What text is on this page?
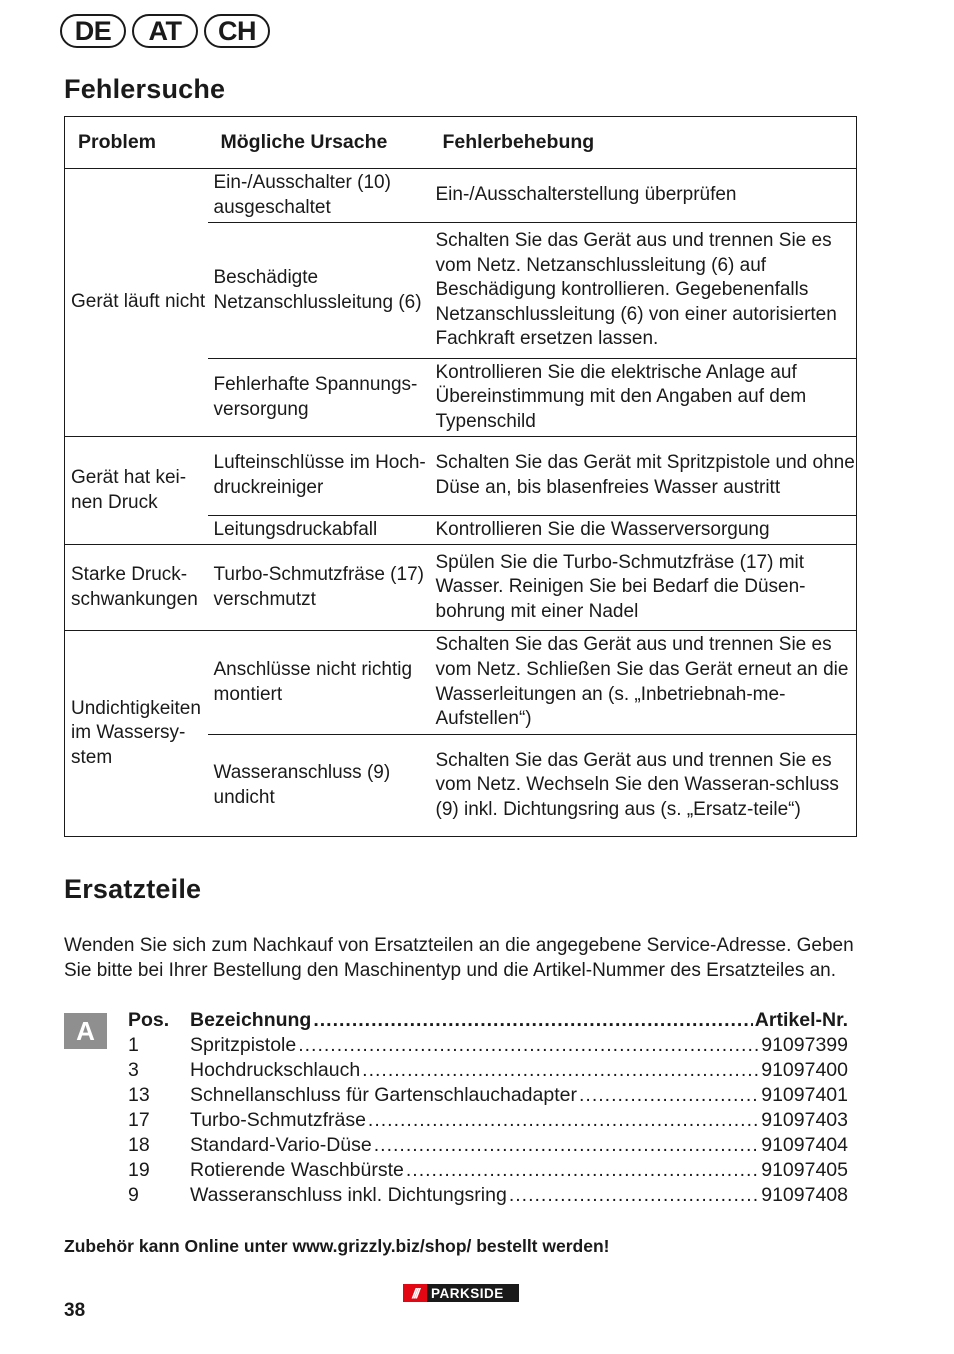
DE	AT	CH
Fehlersuche
Problem	Mögliche Ursache	Fehlerbehebung
Gerät läuft nicht	Ein-/Ausschalter (10) ausgeschaltet	Ein-/Ausschalterstellung überprüfen
	Beschädigte Netzanschlussleitung (6)	Schalten Sie das Gerät aus und trennen Sie es vom Netz. Netzanschlussleitung (6) auf Beschädigung kontrollieren. Gegebenenfalls Netzanschlussleitung (6) von einer autorisierten Fachkraft ersetzen lassen.
	Fehlerhafte Spannungs-versorgung	Kontrollieren Sie die elektrische Anlage auf Übereinstimmung mit den Angaben auf dem Typenschild
Gerät hat kei-nen Druck	Lufteinschlüsse im Hoch-druckreiniger	Schalten Sie das Gerät mit Spritzpistole und ohne Düse an, bis blasenfreies Wasser austritt
	Leitungsdruckabfall	Kontrollieren Sie die Wasserversorgung
Starke Druck-schwankungen	Turbo-Schmutzfräse (17) verschmutzt	Spülen Sie die Turbo-Schmutzfräse (17) mit Wasser. Reinigen Sie bei Bedarf die Düsen-bohrung mit einer Nadel
Undichtigkeiten im Wassersy-stem	Anschlüsse nicht richtig montiert	Schalten Sie das Gerät aus und trennen Sie es vom Netz. Schließen Sie das Gerät erneut an die Wasserleitungen an (s. „Inbetriebnah-me-Aufstellen“)
	Wasseranschluss (9) undicht	Schalten Sie das Gerät aus und trennen Sie es vom Netz. Wechseln Sie den Wasseran-schluss (9) inkl. Dichtungsring aus (s. „Ersatz-teile“)
Ersatzteile
Wenden Sie sich zum Nachkauf von Ersatzteilen an die angegebene Service-Adresse. Geben Sie bitte bei Ihrer Bestellung den Maschinentyp und die Artikel-Nummer des Ersatzteiles an.
A	Pos.	Bezeichnung .....	Artikel-Nr.
1	Spritzpistole .....	91097399
3	Hochdruckschlauch .....	91097400
13	Schnellanschluss für Gartenschlauchadapter .....	91097401
17	Turbo-Schmutzfräse .....	91097403
18	Standard-Vario-Düse .....	91097404
19	Rotierende Waschbürste .....	91097405
9	Wasseranschluss inkl. Dichtungsring .....	91097408
Zubehör kann Online unter www.grizzly.biz/shop/ bestellt werden!
38
/// PARKSIDE
